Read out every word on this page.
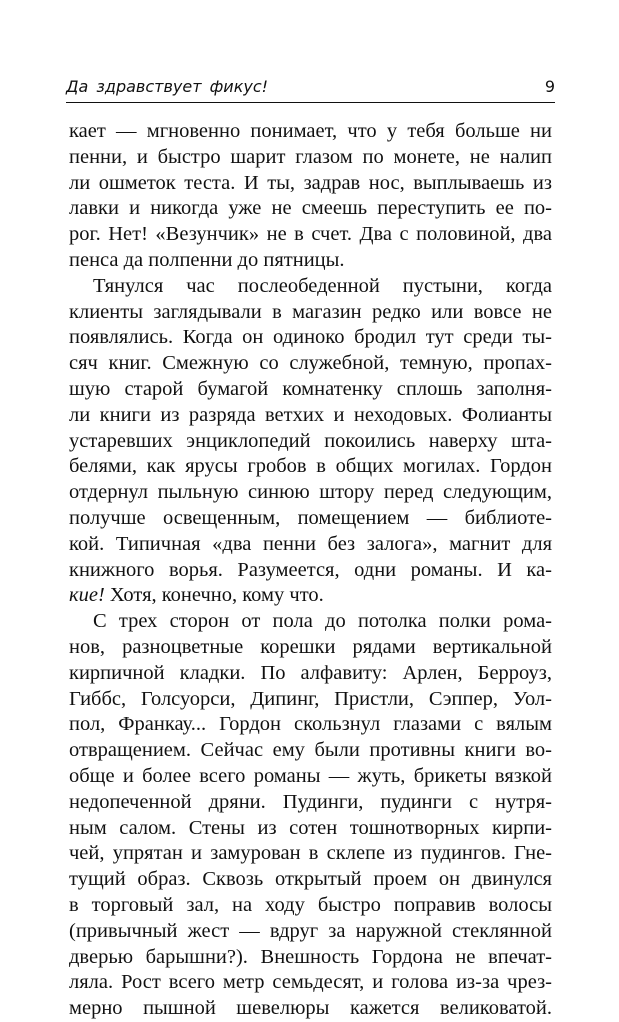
Да здравствует фикус!	9
кает — мгновенно понимает, что у тебя больше ни
пенни, и быстро шарит глазом по монете, не налип
ли ошметок теста. И ты, задрав нос, выплываешь из
лавки и никогда уже не смеешь переступить ее по-
рог. Нет! «Везунчик» не в счет. Два с половиной, два
пенса да полпенни до пятницы.
Тянулся час послеобеденной пустыни, когда
клиенты заглядывали в магазин редко или вовсе не
появлялись. Когда он одиноко бродил тут среди ты-
сяч книг. Смежную со служебной, темную, пропах-
шую старой бумагой комнатенку сплошь заполня-
ли книги из разряда ветхих и неходовых. Фолианты
устаревших энциклопедий покоились наверху шта-
белями, как ярусы гробов в общих могилах. Гордон
отдернул пыльную синюю штору перед следующим,
получше освещенным, помещением — библиоте-
кой. Типичная «два пенни без залога», магнит для
книжного ворья. Разумеется, одни романы. И ка-
кие! Хотя, конечно, кому что.
С трех сторон от пола до потолка полки рома-
нов, разноцветные корешки рядами вертикальной
кирпичной кладки. По алфавиту: Арлен, Берроуз,
Гиббс, Голсуорси, Дипинг, Пристли, Сэппер, Уол-
пол, Франкау... Гордон скользнул глазами с вялым
отвращением. Сейчас ему были противны книги во-
обще и более всего романы — жуть, брикеты вязкой
недопеченной дряни. Пудинги, пудинги с нутря-
ным салом. Стены из сотен тошнотворных кирпи-
чей, упрятан и замурован в склепе из пудингов. Гне-
тущий образ. Сквозь открытый проем он двинулся
в торговый зал, на ходу быстро поправив волосы
(привычный жест — вдруг за наружной стеклянной
дверью барышни?). Внешность Гордона не впечат-
ляла. Рост всего метр семьдесят, и голова из-за чрез-
мерно пышной шевелюры кажется великоватой.
